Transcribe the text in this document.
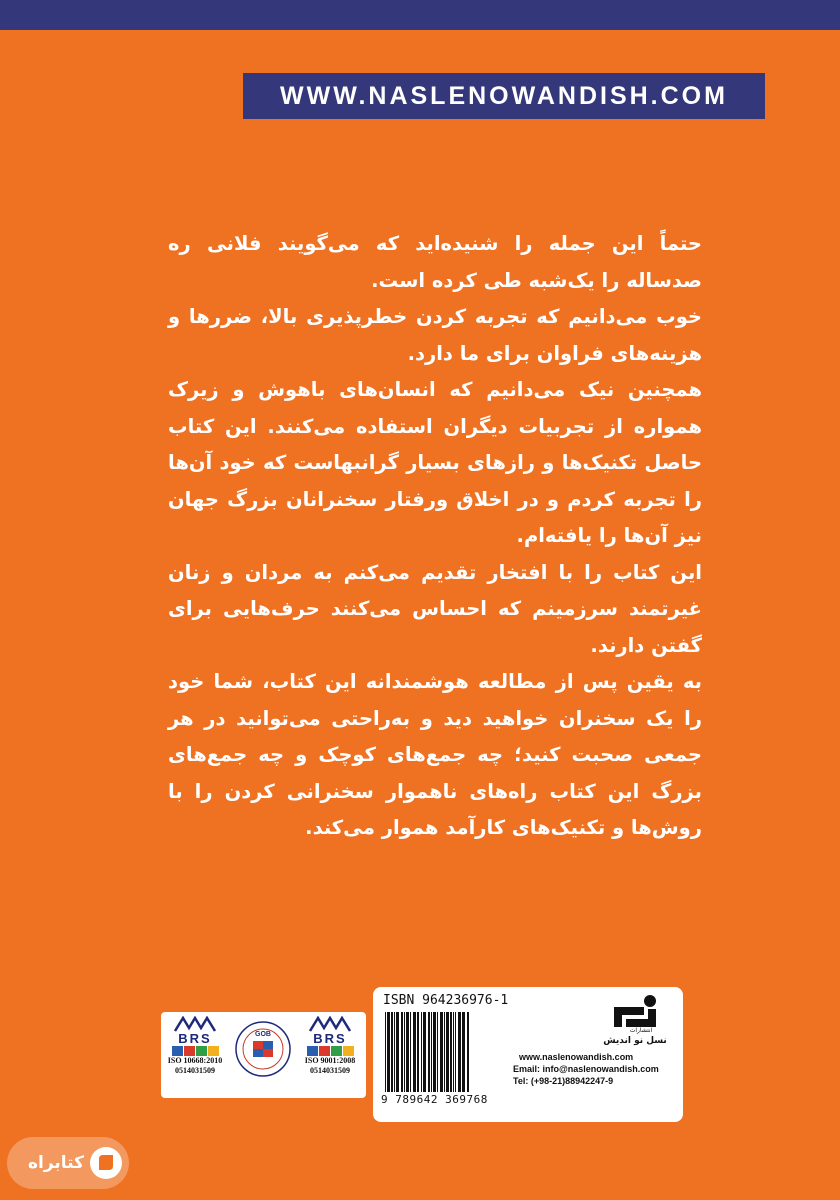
WWW.NASLENOWANDISH.COM

حتماً این جمله را شنیده‌اید که می‌گویند فلانی ره صدساله را یک‌شبه طی کرده است.

خوب می‌دانیم که تجربه کردن خطرپذیری بالا، ضررها و هزینه‌های فراوان برای ما دارد.

همچنین نیک می‌دانیم که انسان‌های باهوش و زیرک همواره از تجربیات دیگران استفاده می‌کنند. این کتاب حاصل تکنیک‌ها و رازهای بسیار گرانبهاست که خود آن‌ها را تجربه کردم و در اخلاق ورفتار سخنرانان بزرگ جهان نیز آن‌ها را یافته‌ام.

این کتاب را با افتخار تقدیم می‌کنم به مردان و زنان غیرتمند سرزمینم که احساس می‌کنند حرف‌هایی برای گفتن دارند.

به یقین پس از مطالعه هوشمندانه این کتاب، شما خود را یک سخنران خواهید دید و به‌راحتی می‌توانید در هر جمعی صحبت کنید؛ چه جمع‌های کوچک و چه جمع‌های بزرگ این کتاب راه‌های ناهموار سخنرانی کردن را با روش‌ها و تکنیک‌های کارآمد هموار می‌کند.

BRS
ISO 10668:2010
0514031509
GOB	BRS
ISO 9001:2008
0514031509
ISBN 964236976-1
9 789642 369768
انتشارات
نسل نو اندیش
www.naslenowandish.com
Email: info@naslenowandish.com
Tel: (+98-21)88942247-9
کتابراه
